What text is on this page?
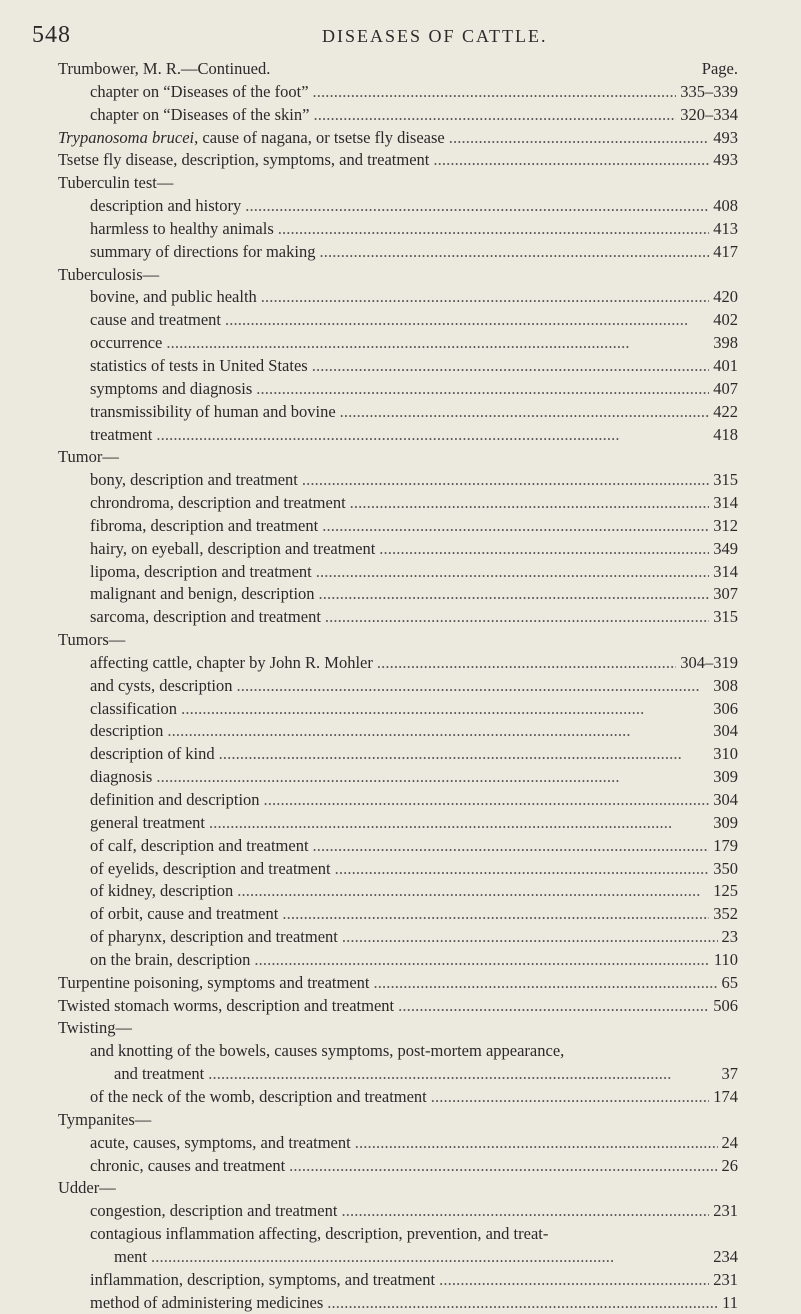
548	DISEASES OF CATTLE.
Trumbower, M. R.—Continued.	Page.
chapter on “Diseases of the foot” . . .	335–339
chapter on “Diseases of the skin” . . .	320–334
Trypanosoma brucei, cause of nagana, or tsetse fly disease . . .	493
Tsetse fly disease, description, symptoms, and treatment . . .	493
Tuberculin test—
description and history . . .	408
harmless to healthy animals . . .	413
summary of directions for making . . .	417
Tuberculosis—
bovine, and public health . . .	420
cause and treatment . . .	402
occurrence . . .	398
statistics of tests in United States . . .	401
symptoms and diagnosis . . .	407
transmissibility of human and bovine . . .	422
treatment . . .	418
Tumor—
bony, description and treatment . . .	315
chrondroma, description and treatment . . .	314
fibroma, description and treatment . . .	312
hairy, on eyeball, description and treatment . . .	349
lipoma, description and treatment . . .	314
malignant and benign, description . . .	307
sarcoma, description and treatment . . .	315
Tumors—
affecting cattle, chapter by John R. Mohler . . .	304–319
and cysts, description . . .	308
classification . . .	306
description . . .	304
description of kind . . .	310
diagnosis . . .	309
definition and description . . .	304
general treatment . . .	309
of calf, description and treatment . . .	179
of eyelids, description and treatment . . .	350
of kidney, description . . .	125
of orbit, cause and treatment . . .	352
of pharynx, description and treatment . . .	23
on the brain, description . . .	110
Turpentine poisoning, symptoms and treatment . . .	65
Twisted stomach worms, description and treatment . . .	506
Twisting—
and knotting of the bowels, causes symptoms, post-mortem appearance,
and treatment . . .	37
of the neck of the womb, description and treatment . . .	174
Tympanites—
acute, causes, symptoms, and treatment . . .	24
chronic, causes and treatment . . .	26
Udder—
congestion, description and treatment . . .	231
contagious inflammation affecting, description, prevention, and treat-
ment . . .	234
inflammation, description, symptoms, and treatment . . .	231
method of administering medicines . . .	11
